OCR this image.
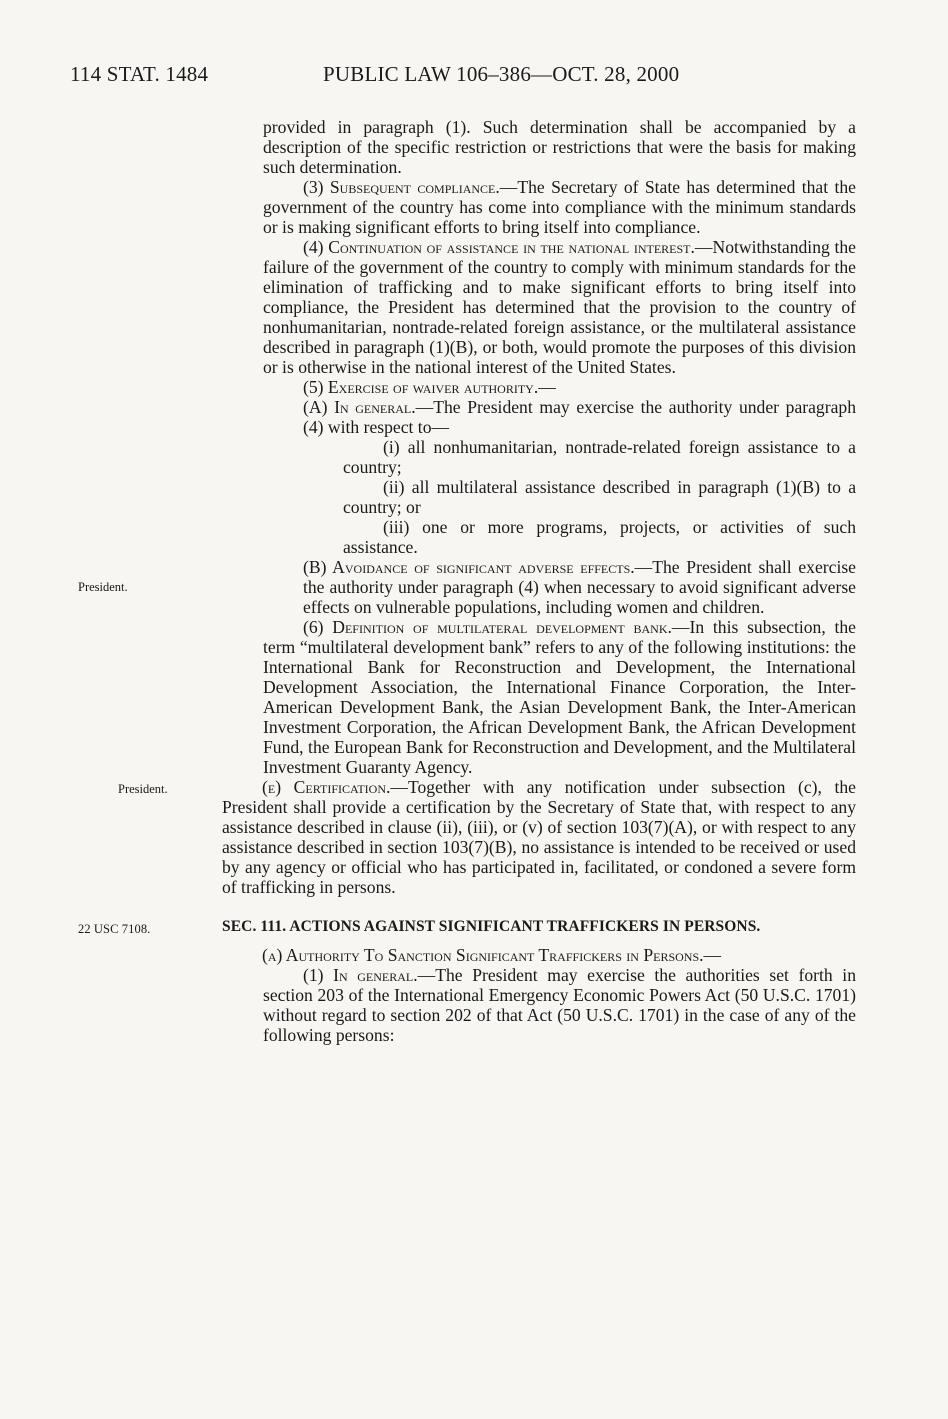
114 STAT. 1484	PUBLIC LAW 106–386—OCT. 28, 2000

provided in paragraph (1). Such determination shall be accompanied by a description of the specific restriction or restrictions that were the basis for making such determination.

(3) Subsequent compliance.—The Secretary of State has determined that the government of the country has come into compliance with the minimum standards or is making significant efforts to bring itself into compliance.

(4) Continuation of assistance in the national interest.—Notwithstanding the failure of the government of the country to comply with minimum standards for the elimination of trafficking and to make significant efforts to bring itself into compliance, the President has determined that the provision to the country of nonhumanitarian, nontrade-related foreign assistance, or the multilateral assistance described in paragraph (1)(B), or both, would promote the purposes of this division or is otherwise in the national interest of the United States.

(5) Exercise of waiver authority.—

(A) In general.—The President may exercise the authority under paragraph (4) with respect to—

(i) all nonhumanitarian, nontrade-related foreign assistance to a country;

(ii) all multilateral assistance described in paragraph (1)(B) to a country; or

(iii) one or more programs, projects, or activities of such assistance.

President.
(B) Avoidance of significant adverse effects.—The President shall exercise the authority under paragraph (4) when necessary to avoid significant adverse effects on vulnerable populations, including women and children.

(6) Definition of multilateral development bank.—In this subsection, the term “multilateral development bank” refers to any of the following institutions: the International Bank for Reconstruction and Development, the International Development Association, the International Finance Corporation, the Inter-American Development Bank, the Asian Development Bank, the Inter-American Investment Corporation, the African Development Bank, the African Development Fund, the European Bank for Reconstruction and Development, and the Multilateral Investment Guaranty Agency.

President.	(e) Certification.—Together with any notification under subsection (c), the President shall provide a certification by the Secretary of State that, with respect to any assistance described in clause (ii), (iii), or (v) of section 103(7)(A), or with respect to any assistance described in section 103(7)(B), no assistance is intended to be received or used by any agency or official who has participated in, facilitated, or condoned a severe form of trafficking in persons.

22 USC 7108.	SEC. 111. ACTIONS AGAINST SIGNIFICANT TRAFFICKERS IN PERSONS.

(a) Authority To Sanction Significant Traffickers in Persons.—

(1) In general.—The President may exercise the authorities set forth in section 203 of the International Emergency Economic Powers Act (50 U.S.C. 1701) without regard to section 202 of that Act (50 U.S.C. 1701) in the case of any of the following persons:
